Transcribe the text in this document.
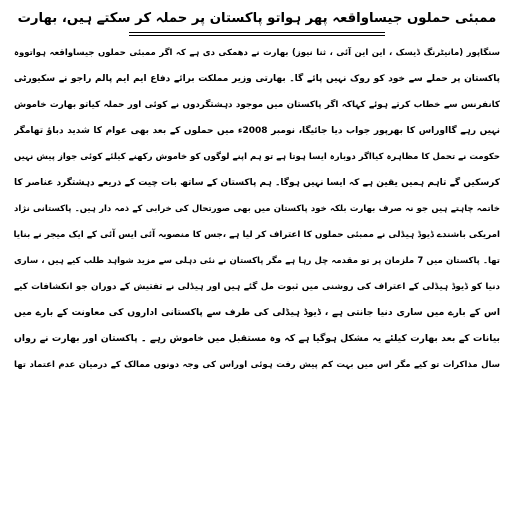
ممبئی حملوں جیساواقعہ پھر ہواتو پاکستان پر حملہ کر سکتے ہیں، بھارت
سنگاپور (مانیٹرنگ ڈیسک ، این این آئی ، ثنا نیوز) بھارت نے دھمکی دی ہے کہ اگر ممبئی حملوں جیساواقعہ ہواتووہ
پاکستان پر حملے سے خود کو روک نہیں پائے گا۔ بھارتی وزیر مملکت برائے دفاع ایم ایم پالم راجو نے سکیورٹی
کانفرنس سے خطاب کرتے ہوئے کہاکہ اگر پاکستان میں موجود دہشتگردوں نے کوئی اور حملہ کیاتو بھارت خاموش
نہیں رہے گااوراس کا بھرپور جواب دیا جائیگا، نومبر 2008ء میں حملوں کے بعد بھی عوام کا شدید دباؤ تھامگر
حکومت نے تحمل کا مظاہرہ کیااگر دوبارہ ایسا ہوتا ہے تو ہم اپنے لوگوں کو خاموش رکھنے کیلئے کوئی جواز پیش نہیں
کرسکیں گے تاہم ہمیں یقین ہے کہ ایسا نہیں ہوگا۔ ہم پاکستان کے ساتھ بات چیت کے ذریعے دہشتگرد عناصر کا
خاتمہ چاہتے ہیں جو نہ صرف بھارت بلکہ خود پاکستان میں بھی صورتحال کی خرابی کے ذمہ دار ہیں۔ پاکستانی نژاد
امریکی باشندے ڈیوڈ ہیڈلی نے ممبئی حملوں کا اعتراف کر لیا ہے ،جس کا منصوبہ آئی ایس آئی کے ایک میجر نے بنایا
تھا۔ پاکستان میں 7 ملزمان پر تو مقدمہ چل رہا ہے مگر پاکستان نے نئی دہلی سے مزید شواہد طلب کیے ہیں ، ساری
دنیا کو ڈیوڈ ہیڈلی کے اعتراف کی روشنی میں ثبوت مل گئے ہیں اور ہیڈلی نے تفتیش کے دوران جو انکشافات کیے
اس کے بارے میں ساری دنیا جانتی ہے ، ڈیوڈ ہیڈلی کی طرف سے پاکستانی اداروں کی معاونت کے بارے میں
بیانات کے بعد بھارت کیلئے یہ مشکل ہوگیا ہے کہ وہ مستقبل میں خاموش رہے ۔ پاکستان اور بھارت نے رواں
سال مذاکرات تو کیے مگر اس میں بہت کم پیش رفت ہوئی اوراس کی وجہ دونوں ممالک کے درمیان عدم اعتماد تھا
